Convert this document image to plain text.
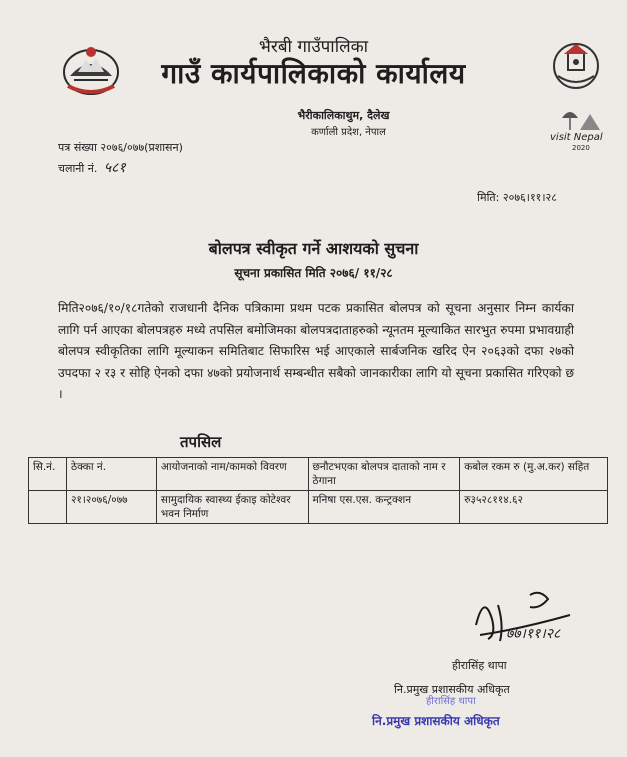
visit Nepal
2020
भैरबी गाउँपालिका
गाउँ कार्यपालिकाको कार्यालय
भैरीकालिकाथुम, दैलेख
कर्णाली प्रदेश, नेपाल
पत्र संख्या २०७६/०७७(प्रशासन)
चलानी नं. ५८१
मिति: २०७६।११।२८
बोलपत्र स्वीकृत गर्ने आशयको सुचना
सूचना प्रकासित मिति २०७६/ ११/२८
मिति२०७६/१०/१८गतेको राजधानी दैनिक पत्रिकामा प्रथम पटक प्रकासित बोलपत्र को सूचना अनुसार निम्न कार्यका लागि पर्न आएका बोलपत्रहरु मध्ये तपसिल बमोजिमका बोलपत्रदाताहरुको न्यूनतम मूल्याकित सारभुत रुपमा प्रभावग्राही बोलपत्र स्वीकृतिका लागि मूल्याकन समितिबाट सिफारिस भई आएकाले सार्बजनिक खरिद ऐन २०६३को दफा २७को उपदफा २ र३ र सोहि ऐनको दफा ४७को प्रयोजनार्थ सम्बन्धीत सबैको जानकारीका लागि यो सूचना प्रकासित गरिएको छ ।
तपसिल
सि.नं.	ठेक्का नं.	आयोजनाको नाम/कामको विवरण	छनौटभएका बोलपत्र दाताको नाम र ठेगाना	कबोल रकम रु (मु.अ.कर) सहित
	२१।२०७६/०७७	सामुदायिक स्वास्थ्य ईकाइ कोटेश्वर भवन निर्माण	मनिषा एस.एस. कन्ट्रक्शन	रु३५२८११४.६२
७७।११।२८
हीरासिंह थापा
नि.प्रमुख प्रशासकीय अधिकृत
हीरासिंह थापा
नि.प्रमुख प्रशासकीय अधिकृत
